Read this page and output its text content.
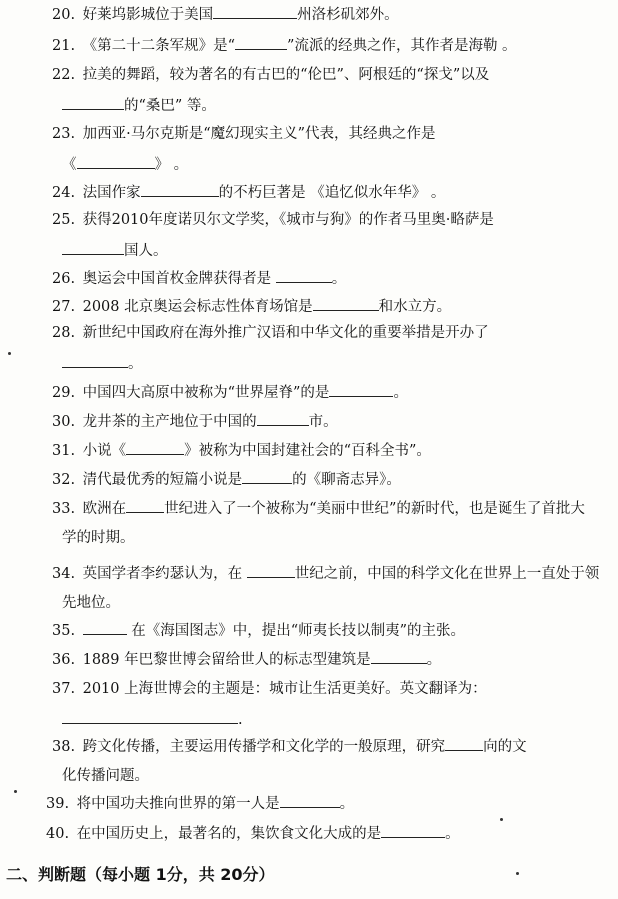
20. 好莱坞影城位于美国	州洛杉矶郊外。
21. 《第二十二条军规》是“	”流派的经典之作，其作者是海勒 。
22. 拉美的舞蹈，较为著名的有古巴的“伦巴”、阿根廷的“探戈”以及
的“桑巴” 等。
23. 加西亚·马尔克斯是“魔幻现实主义”代表，其经典之作是
《	》 。
24. 法国作家	的不朽巨著是 《追忆似水年华》 。
25. 获得2010年度诺贝尔文学奖，《城市与狗》的作者马里奥·略萨是
国人。
26. 奥运会中国首枚金牌获得者是	。
27. 2008 北京奥运会标志性体育场馆是	和水立方。
28. 新世纪中国政府在海外推广汉语和中华文化的重要举措是开办了
。
29. 中国四大高原中被称为“世界屋脊”的是	。
30. 龙井茶的主产地位于中国的	市。
31. 小说《	》被称为中国封建社会的“百科全书”。
32. 清代最优秀的短篇小说是	的《聊斋志异》。
33. 欧洲在	世纪进入了一个被称为“美丽中世纪”的新时代，也是诞生了首批大
学的时期。
34. 英国学者李约瑟认为，在	世纪之前，中国的科学文化在世界上一直处于领
先地位。
35.	在《海国图志》中，提出“师夷长技以制夷”的主张。
36. 1889 年巴黎世博会留给世人的标志型建筑是	。
37. 2010 上海世博会的主题是：城市让生活更美好。英文翻译为：
.
38. 跨文化传播，主要运用传播学和文化学的一般原理，研究	向的文
化传播问题。
39. 将中国功夫推向世界的第一人是	。
40. 在中国历史上，最著名的，集饮食文化大成的是	。
二、判断题（每小题 1分，共 20分）
